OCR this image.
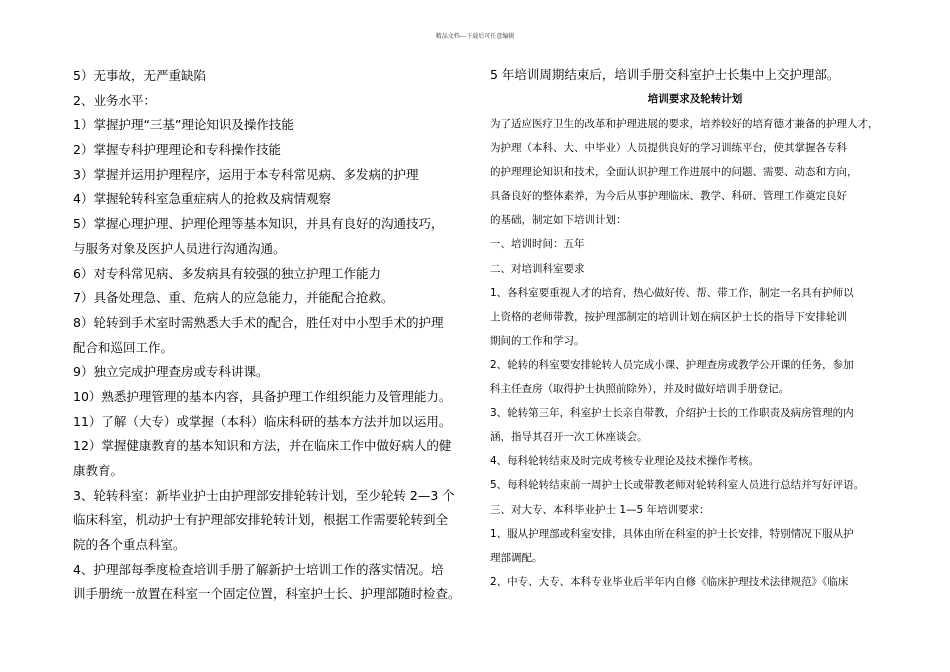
精品文档---下载后可任意编辑
5）无事故，无严重缺陷
2、业务水平：
1）掌握护理“三基”理论知识及操作技能
2）掌握专科护理理论和专科操作技能
3）掌握并运用护理程序，运用于本专科常见病、多发病的护理
4）掌握轮转科室急重症病人的抢救及病情观察
5）掌握心理护理、护理伦理等基本知识，并具有良好的沟通技巧，
与服务对象及医护人员进行沟通沟通。
6）对专科常见病、多发病具有较强的独立护理工作能力
7）具备处理急、重、危病人的应急能力，并能配合抢救。
8）轮转到手术室时需熟悉大手术的配合，胜任对中小型手术的护理
配合和巡回工作。
9）独立完成护理查房或专科讲课。
10）熟悉护理管理的基本内容，具备护理工作组织能力及管理能力。
11）了解（大专）或掌握（本科）临床科研的基本方法并加以运用。
12）掌握健康教育的基本知识和方法，并在临床工作中做好病人的健
康教育。
3、轮转科室：新毕业护士由护理部安排轮转计划，至少轮转 2—3 个
临床科室，机动护士有护理部安排轮转计划，根据工作需要轮转到全
院的各个重点科室。
4、护理部每季度检查培训手册了解新护士培训工作的落实情况。培
训手册统一放置在科室一个固定位置，科室护士长、护理部随时检查。
5 年培训周期结束后，培训手册交科室护士长集中上交护理部。
培训要求及轮转计划
为了适应医疗卫生的改革和护理进展的要求，培养较好的培育德才兼备的护理人才，
为护理（本科、大、中毕业）人员提供良好的学习训练平台，使其掌握各专科
的护理理论知识和技术，全面认识护理工作进展中的问题、需要、动态和方向，
具备良好的整体素养，为今后从事护理临床、教学、科研、管理工作奠定良好
的基础，制定如下培训计划：
一、培训时间：五年
二、对培训科室要求
1、各科室要重视人才的培育，热心做好传、帮、带工作，制定一名具有护师以
上资格的老师带教，按护理部制定的培训计划在病区护士长的指导下安排轮训
期间的工作和学习。
2、轮转的科室要安排轮转人员完成小课、护理查房或教学公开课的任务，参加
科主任查房（取得护士执照前除外），并及时做好培训手册登记。
3、轮转第三年，科室护士长亲自带教，介绍护士长的工作职责及病房管理的内
涵，指导其召开一次工休座谈会。
4、每科轮转结束及时完成考核专业理论及技术操作考核。
5、每科轮转结束前一周护士长或带教老师对轮转科室人员进行总结并写好评语。
三、对大专、本科毕业护士 1—5 年培训要求：
1、服从护理部或科室安排，具体由所在科室的护士长安排，特别情况下服从护
理部调配。
2、中专、大专、本科专业毕业后半年内自修《临床护理技术法律规范》《临床
